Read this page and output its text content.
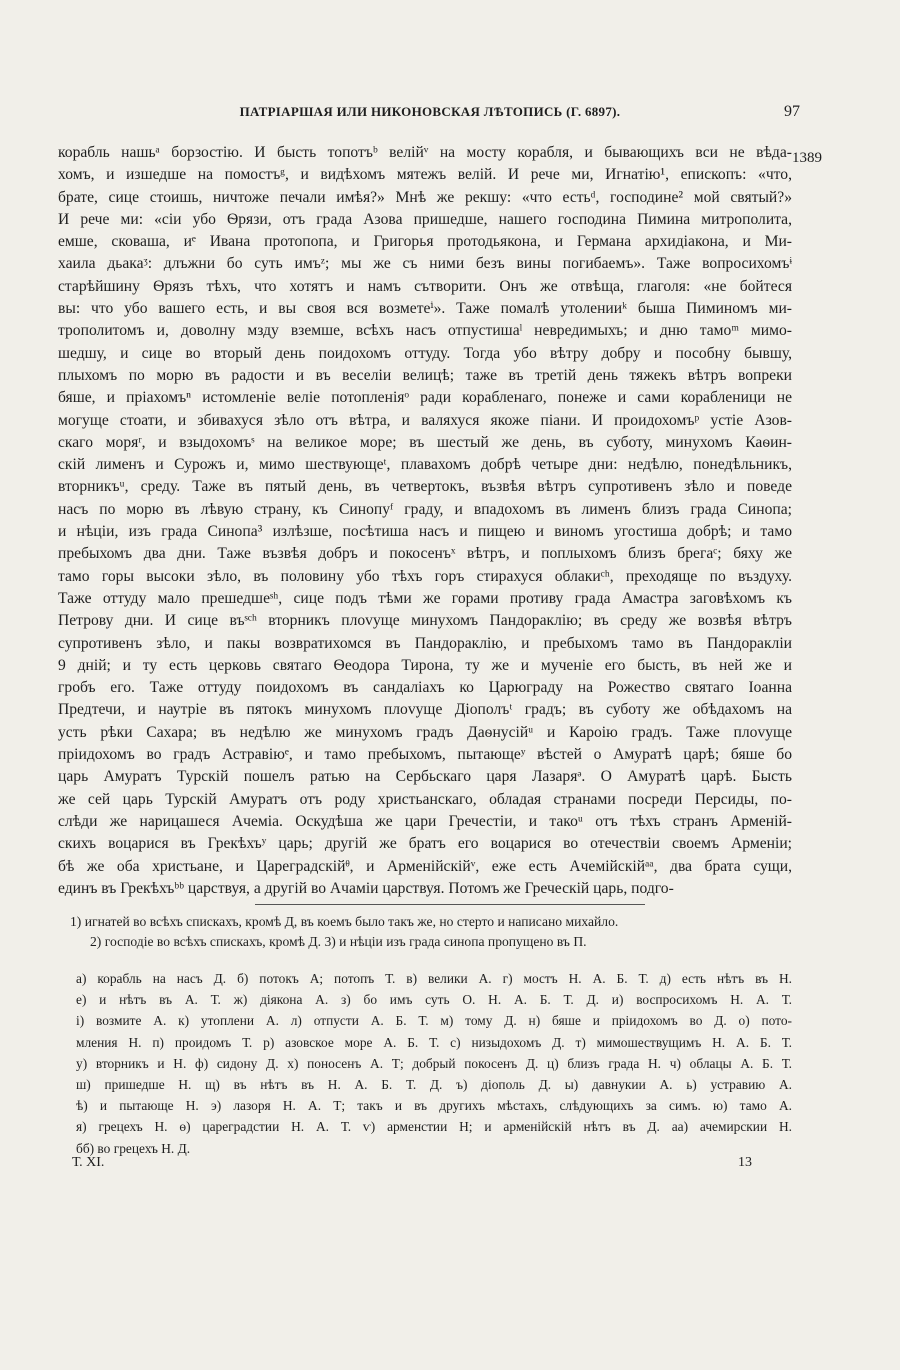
ПАТРІАРШАЯ ИЛИ НИКОНОВСКАЯ ЛѢТОПИСЬ (Г. 6897).	97
1389
корабль нашьᵃ борзостію. И бысть топотъᵇ велійᵛ на мосту корабля, и бывающихъ вси не вѣда-
хомъ, и изшедше на помостъᵍ, и видѣхомъ мятежъ велій. И рече ми, Игнатію¹, епископъ: «что,
брате, сице стоишь, ничтоже печали имѣя?» Мнѣ же рекшу: «что естьᵈ, господине² мой святый?»
И рече ми: «сіи убо Ѳрязи, отъ града Азова пришедше, нашего господина Пимина митрополита,
емше, сковаша, иᵉ Ивана протопопа, и Григорья протодьякона, и Германа архидіакона, и Ми-
хаила дьакаᶾ: длъжни бо суть имъᶻ; мы же съ ними безъ вины погибаемъ». Таже вопросихомъᶤ
старѣйшину Ѳрязъ тѣхъ, что хотятъ и намъ сътворити. Онъ же отвѣща, глаголя: «не бойтеся
вы: что убо вашего есть, и вы своя вся возметеⁱ». Таже помалѣ утоленииᵏ быша Пиминомъ ми-
трополитомъ и, доволну мзду вземше, всѣхъ насъ отпустишаˡ невредимыхъ; и дню тамоᵐ мимо-
шедшу, и сице во вторый день поидохомъ оттуду. Тогда убо вѣтру добру и пособну бывшу,
плыхомъ по морю въ радости и въ веселіи велицѣ; таже въ третій день тяжекъ вѣтръ вопреки
бяше, и пріахомъⁿ истомленіе веліе потопленіяᵒ ради корабленаго, понеже и сами корабленици не
могуще стоати, и збивахуся зѣло отъ вѣтра, и валяхуся якоже піани. И проидохомъᵖ устіе Азов-
скаго моряʳ, и взыдохомъˢ на великое море; въ шестый же день, въ суботу, минухомъ Каѳин-
скій лименъ и Сурожъ и, мимо шествующеᵗ, плавахомъ добрѣ четыре дни: недѣлю, понедѣльникъ,
вторникъᵘ, среду. Таже въ пятый день, въ четвертокъ, възвѣя вѣтръ супротивенъ зѣло и поведе
насъ по морю въ лѣвую страну, къ Синопуᶠ граду, и впадохомъ въ лименъ близъ града Синопа;
и нѣціи, изъ града Синопа³ излѣзше, посѣтиша насъ и пищею и виномъ угостиша добрѣ; и тамо
пребыхомъ два дни. Таже възвѣя добръ и покосенъˣ вѣтръ, и поплыхомъ близъ брегаᶜ; бяху же
тамо горы высоки зѣло, въ половину убо тѣхъ горъ стирахуся облакиᶜʰ, преходяще по въздуху.
Таже оттуду мало прешедшеˢʰ, сице подъ тѣми же горами противу града Амастра заговѣхомъ къ
Петрову дни. И сице въˢᶜʰ вторникъ плovуще минухомъ Пандораклію; въ среду же возвѣя вѣтръ
супротивенъ зѣло, и пакы возвратихомся въ Пандораклію, и пребыхомъ тамо въ Пандоракліи
9 дній; и ту есть церковь святаго Ѳеодора Тирона, ту же и мученіе его бысть, въ ней же и
гробъ его. Таже оттуду поидохомъ въ сандаліахъ ко Царюграду на Рожество святаго Іоанна
Предтечи, и наутріе въ пятокъ минухомъ плovуще Діополъᵗ градъ; въ суботу же обѣдахомъ на
усть рѣки Сахара; въ недѣлю же минухомъ градъ Даѳнусійᵘ и Кароію градъ. Таже плovуще
пріидохомъ во градъ Астравіюᵉ, и тамо пребыхомъ, пытающеʸ вѣстей о Амуратѣ царѣ; бяше бо
царь Амуратъ Турскій пошелъ ратью на Сербьскаго царя Лазаряᵊ. О Амуратѣ царѣ. Бысть
же сей царь Турскій Амуратъ отъ роду христьанскаго, обладая странами посреди Персиды, по-
слѣди же нарицашеся Ачеміа. Оскудѣша же цари Гречестіи, и такоᵘ отъ тѣхъ странъ Арменій-
скихъ воцарися въ Грекѣхъʸ царь; другій же братъ его воцарися во отечествіи своемъ Арменіи;
бѣ же оба христьане, и Цареградскійᶿ, и Арменійскійᵛ, еже есть Ачемійскійᵃᵃ, два брата сущи,
единъ въ Грекѣхъᵇᵇ царствуя, а другій во Ачаміи царствуя. Потомъ же Греческій царь, подго-
1) игнатей во всѣхъ спискахъ, кромѣ Д, въ коемъ было такъ же, но стерто и написано михайло.
2) господіе во всѣхъ спискахъ, кромѣ Д. 3) и нѣціи изъ града синопа пропущено въ П.
а) корабль на насъ Д. б) потокъ А; потопъ Т. в) велики А. г) мостъ Н. А. Б. Т. д) есть нѣтъ въ Н.
е) и нѣтъ въ А. Т. ж) діякона А. з) бо имъ суть О. Н. А. Б. Т. Д. и) воспросихомъ Н. А. Т.
і) возмите А. к) утоплени А. л) отпусти А. Б. Т. м) тому Д. н) бяше и пріидохомъ во Д. о) пото-
мления Н. п) проидомъ Т. р) азовское море А. Б. Т. с) низыдохомъ Д. т) мимошествущимъ Н. А. Б. Т.
у) вторникъ и Н. ф) сидону Д. х) поносенъ А. Т; добрый покосенъ Д. ц) близъ града Н. ч) облацы А. Б. Т.
ш) пришедше Н. щ) въ нѣтъ въ Н. А. Б. Т. Д. ъ) діополь Д. ы) давнукии А. ь) устравию А.
ѣ) и пытающе Н. э) лазоря Н. А. Т; такъ и въ другихъ мѣстахъ, слѣдующихъ за симъ. ю) тамо А.
я) грецехъ Н. ѳ) цареградстии Н. А. Т. ѵ) арменстии Н; и арменійскій нѣтъ въ Д. аа) ачемирскии Н.
бб) во грецехъ Н. Д.
Т. XI.	13
